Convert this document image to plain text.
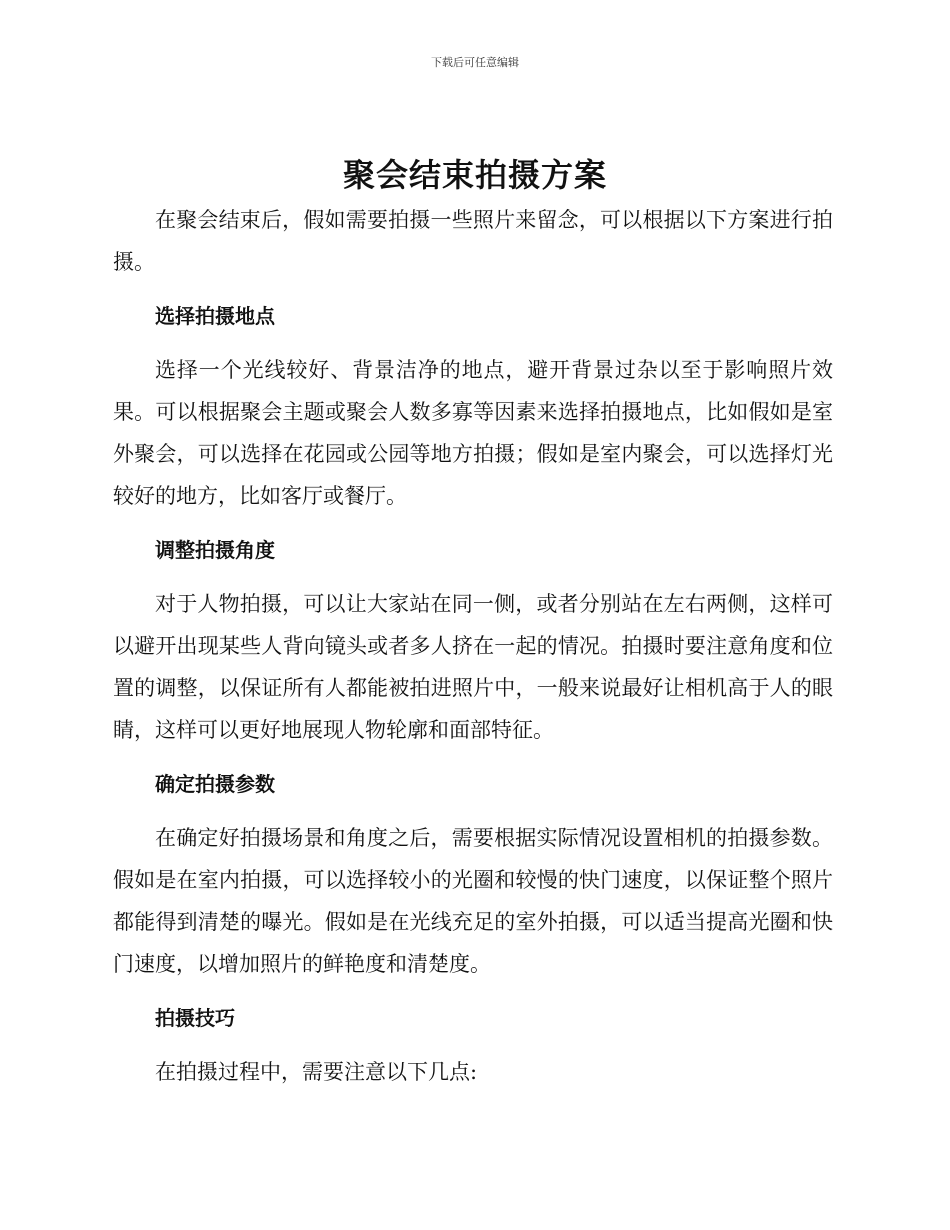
下载后可任意编辑
聚会结束拍摄方案

在聚会结束后，假如需要拍摄一些照片来留念，可以根据以下方案进行拍摄。

选择拍摄地点

选择一个光线较好、背景洁净的地点，避开背景过杂以至于影响照片效果。可以根据聚会主题或聚会人数多寡等因素来选择拍摄地点，比如假如是室外聚会，可以选择在花园或公园等地方拍摄；假如是室内聚会，可以选择灯光较好的地方，比如客厅或餐厅。

调整拍摄角度

对于人物拍摄，可以让大家站在同一侧，或者分别站在左右两侧，这样可以避开出现某些人背向镜头或者多人挤在一起的情况。拍摄时要注意角度和位置的调整，以保证所有人都能被拍进照片中，一般来说最好让相机高于人的眼睛，这样可以更好地展现人物轮廓和面部特征。

确定拍摄参数

在确定好拍摄场景和角度之后，需要根据实际情况设置相机的拍摄参数。假如是在室内拍摄，可以选择较小的光圈和较慢的快门速度，以保证整个照片都能得到清楚的曝光。假如是在光线充足的室外拍摄，可以适当提高光圈和快门速度，以增加照片的鲜艳度和清楚度。

拍摄技巧

在拍摄过程中，需要注意以下几点:
